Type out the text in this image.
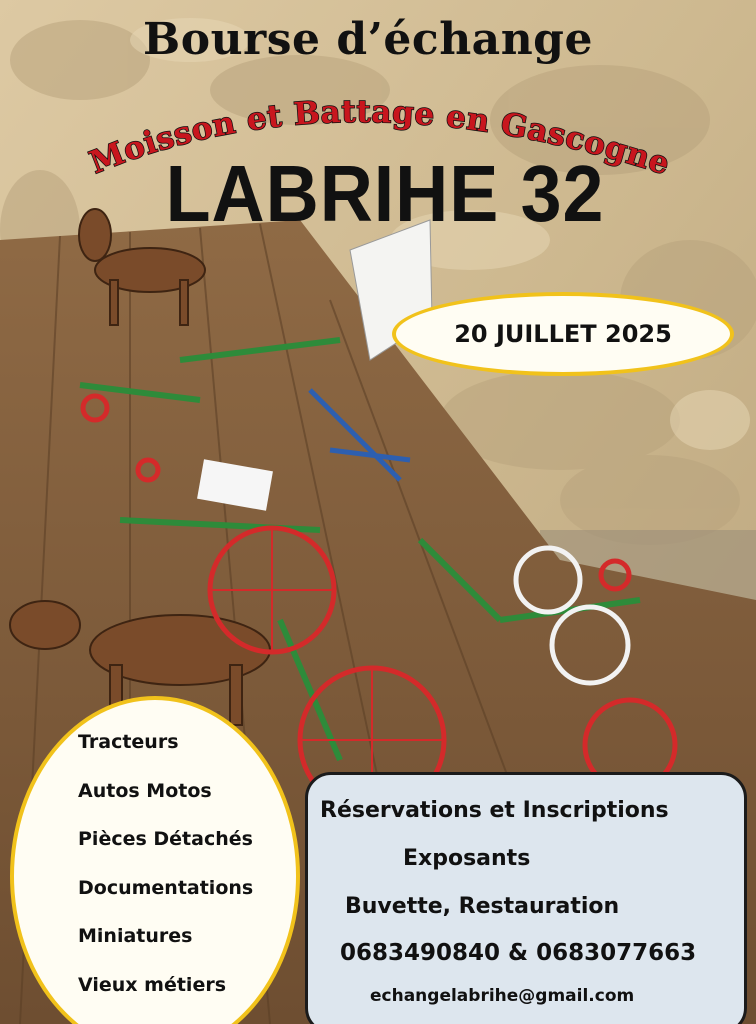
Bourse d’échange
Moisson et Battage en Gascogne
LABRIHE 32
20 JUILLET 2025
Tracteurs
Autos Motos
Pièces Détachés
Documentations
Miniatures
Vieux métiers
Réservations et Inscriptions
Exposants
Buvette, Restauration
0683490840 & 0683077663
echangelabrihe@gmail.com
